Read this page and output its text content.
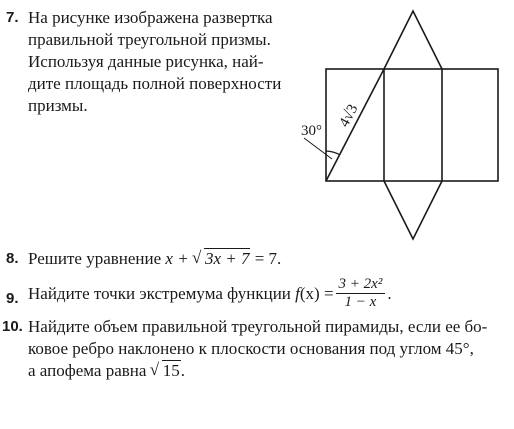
7. На рисунке изображена развертка
правильной треугольной призмы.
Используя данные рисунка, най-
дите площадь полной поверхности
призмы.
30°
4√3
8. Решите уравнение x + √ 3x + 7 = 7.
9. Найдите точки экстремума функции
f $(x) = \frac{\text{3 + 2x²}}{1 - x}$ .
10. Найдите объем правильной треугольной пирамиды, если ее бо-
ковое ребро наклонено к плоскости основания под углом 45°,
а апофема равна √ 15.
